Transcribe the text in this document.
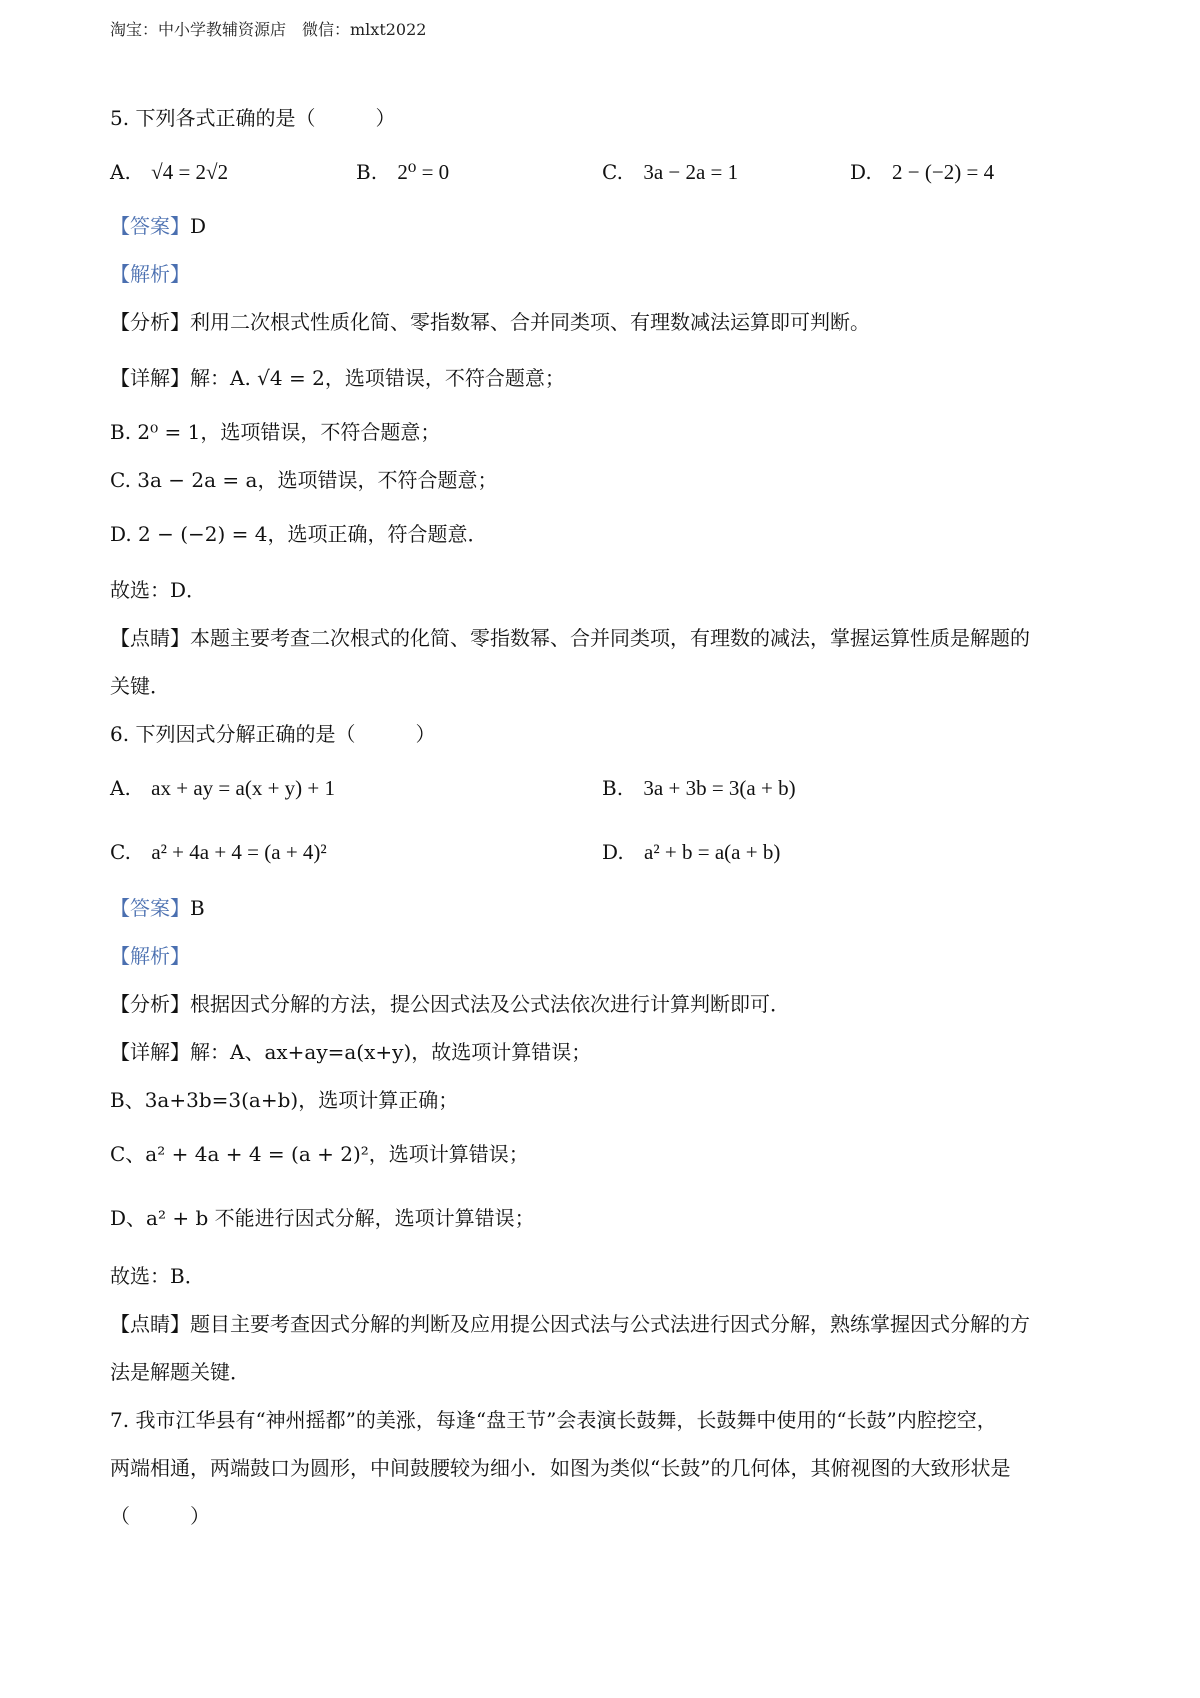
淘宝：中小学教辅资源店　微信：mlxt2022
5. 下列各式正确的是（　　　）
A. √4 = 2√2	B. 2⁰ = 0	C. 3a − 2a = 1	D. 2 − (−2) = 4
【答案】D
【解析】
【分析】利用二次根式性质化简、零指数幂、合并同类项、有理数减法运算即可判断。
【详解】解：A. √4 = 2，选项错误，不符合题意；
B. 2⁰ = 1，选项错误，不符合题意；
C. 3a − 2a = a，选项错误，不符合题意；
D. 2 − (−2) = 4，选项正确，符合题意．
故选：D．
【点睛】本题主要考查二次根式的化简、零指数幂、合并同类项，有理数的减法，掌握运算性质是解题的
关键．
6. 下列因式分解正确的是（　　　）
A. ax + ay = a(x + y) + 1	B. 3a + 3b = 3(a + b)
C. a² + 4a + 4 = (a + 4)²	D. a² + b = a(a + b)
【答案】B
【解析】
【分析】根据因式分解的方法，提公因式法及公式法依次进行计算判断即可．
【详解】解：A、ax+ay=a(x+y)，故选项计算错误；
B、3a+3b=3(a+b)，选项计算正确；
C、a² + 4a + 4 = (a + 2)²，选项计算错误；
D、a² + b 不能进行因式分解，选项计算错误；
故选：B．
【点睛】题目主要考查因式分解的判断及应用提公因式法与公式法进行因式分解，熟练掌握因式分解的方
法是解题关键．
7. 我市江华县有“神州摇都”的美涨，每逢“盘王节”会表演长鼓舞，长鼓舞中使用的“长鼓”内腔挖空，
两端相通，两端鼓口为圆形，中间鼓腰较为细小．如图为类似“长鼓”的几何体，其俯视图的大致形状是
（　　　）
